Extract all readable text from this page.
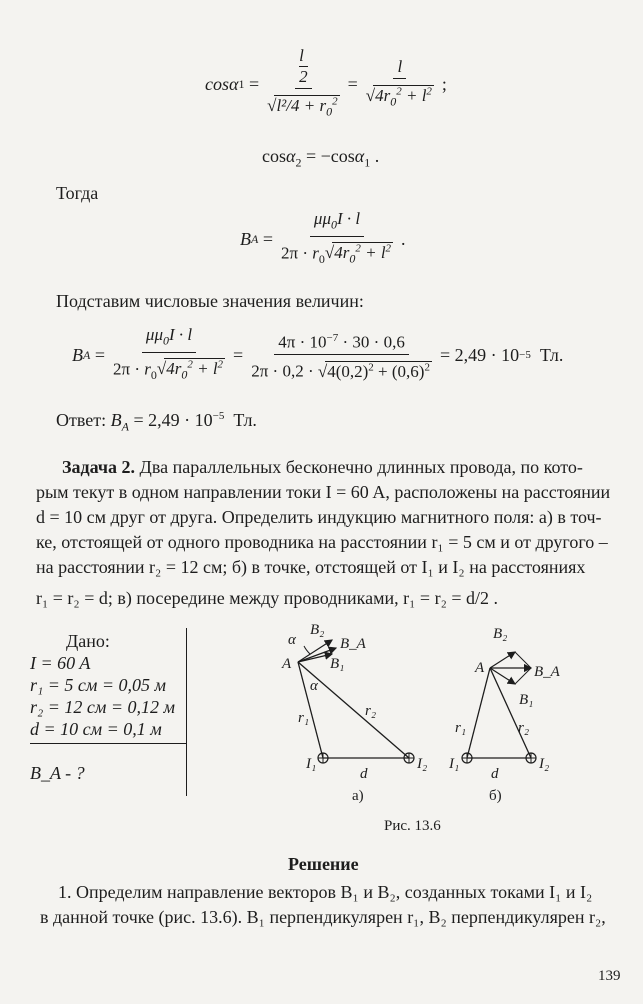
cos α 1 =
l
2
$√l^2/4 + r_0^2$
= $\frac{l}{√4r_0^2 + l^2}$ ;
cosα$_2$ = −cosα$_1$ .
Тогда
B $A = \frac{\mu\mu_0I \cdot l}{2\pi \cdot r_0√4r_0^2 + l^2}$ .
Подставим числовые значения величин:
B $A = \frac{\mu\mu_0I \cdot l}{2\pi \cdot r_0√4r_0^2 + l^2} = \frac{4\pi \cdot 10^{-7} \cdot 30 \cdot 0,6}{2\pi \cdot 0,2 \cdot √4(0,2)^2 + (0,6)^2} = 2,49 \cdot 10 -5$ Тл.
Ответ: $B_A = 2,49 \cdot 10^{-5}$  Тл.
Задача 2. Два параллельных бесконечно длинных провода, по кото-
рым текут в одном направлении токи I = 60 A, расположены на расстоянии
d = 10 см друг от друга. Определить индукцию магнитного поля: а) в точ-
ке, отстоящей от одного проводника на расстоянии r₁ = 5 см и от другого –
на расстоянии r₂ = 12 см; б) в точке, отстоящей от I₁ и I₂ на расстояниях
r₁ = r₂ = d; в) посередине между проводниками, r₁ = r₂ = d/2 .
Дано:
I = 60 A
r₁ = 5 см = 0,05 м
r₂ = 12 см = 0,12 м
d = 10 см = 0,1 м
B_A - ?
α
B₂
B_A
A	B₁
α
r₁	r₂
I₁
d
I₂
а)
B₂
A	B_A
B₁
r₁	r₂
I₁
d
I₂
б)
Рис. 13.6
Решение
1. Определим направление векторов B₁ и B₂, созданных токами I₁ и I₂
в данной точке (рис. 13.6). B₁ перпендикулярен r₁, B₂ перпендикулярен r₂,
139
